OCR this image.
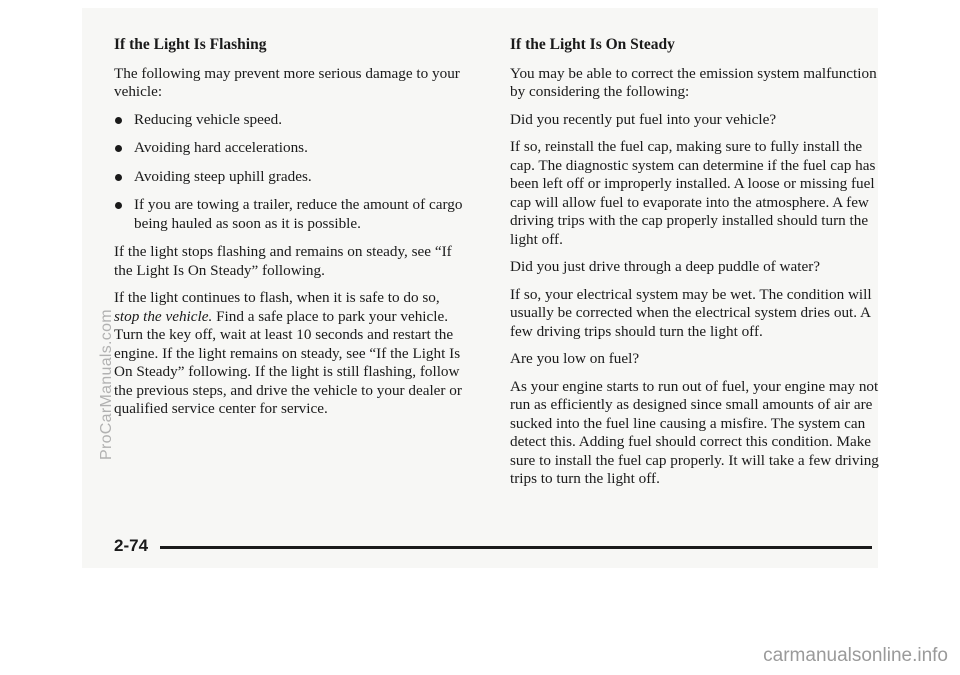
If the Light Is Flashing

The following may prevent more serious damage to your vehicle:

Reducing vehicle speed.
Avoiding hard accelerations.
Avoiding steep uphill grades.
If you are towing a trailer, reduce the amount of cargo being hauled as soon as it is possible.

If the light stops flashing and remains on steady, see “If the Light Is On Steady” following.

If the light continues to flash, when it is safe to do so, stop the vehicle. Find a safe place to park your vehicle. Turn the key off, wait at least 10 seconds and restart the engine. If the light remains on steady, see “If the Light Is On Steady” following. If the light is still flashing, follow the previous steps, and drive the vehicle to your dealer or qualified service center for service.

If the Light Is On Steady

You may be able to correct the emission system malfunction by considering the following:

Did you recently put fuel into your vehicle?

If so, reinstall the fuel cap, making sure to fully install the cap. The diagnostic system can determine if the fuel cap has been left off or improperly installed. A loose or missing fuel cap will allow fuel to evaporate into the atmosphere. A few driving trips with the cap properly installed should turn the light off.

Did you just drive through a deep puddle of water?

If so, your electrical system may be wet. The condition will usually be corrected when the electrical system dries out. A few driving trips should turn the light off.

Are you low on fuel?

As your engine starts to run out of fuel, your engine may not run as efficiently as designed since small amounts of air are sucked into the fuel line causing a misfire. The system can detect this. Adding fuel should correct this condition. Make sure to install the fuel cap properly. It will take a few driving trips to turn the light off.

2-74
ProCarManuals.com
carmanualsonline.info
